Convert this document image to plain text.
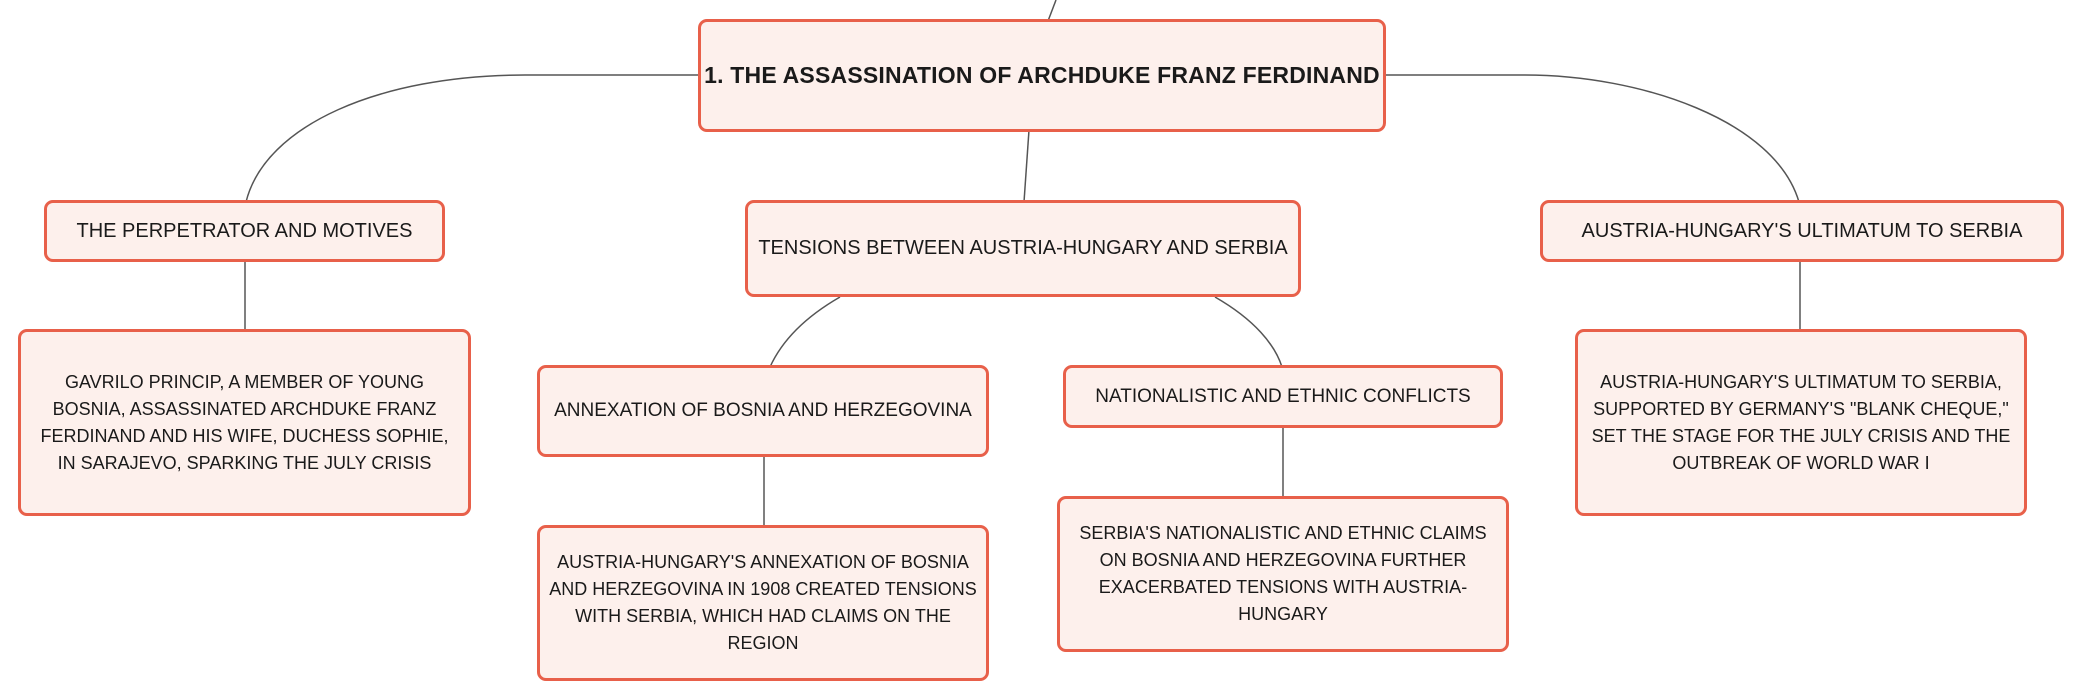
1. THE ASSASSINATION OF ARCHDUKE FRANZ FERDINAND
THE PERPETRATOR AND MOTIVES
TENSIONS BETWEEN AUSTRIA-HUNGARY AND SERBIA
AUSTRIA-HUNGARY'S ULTIMATUM TO SERBIA
GAVRILO PRINCIP, A MEMBER OF YOUNG BOSNIA, ASSASSINATED ARCHDUKE FRANZ FERDINAND AND HIS WIFE, DUCHESS SOPHIE, IN SARAJEVO, SPARKING THE JULY CRISIS
ANNEXATION OF BOSNIA AND HERZEGOVINA
NATIONALISTIC AND ETHNIC CONFLICTS
AUSTRIA-HUNGARY'S ANNEXATION OF BOSNIA AND HERZEGOVINA IN 1908 CREATED TENSIONS WITH SERBIA, WHICH HAD CLAIMS ON THE REGION
SERBIA'S NATIONALISTIC AND ETHNIC CLAIMS ON BOSNIA AND HERZEGOVINA FURTHER EXACERBATED TENSIONS WITH AUSTRIA-HUNGARY
AUSTRIA-HUNGARY'S ULTIMATUM TO SERBIA, SUPPORTED BY GERMANY'S "BLANK CHEQUE," SET THE STAGE FOR THE JULY CRISIS AND THE OUTBREAK OF WORLD WAR I
